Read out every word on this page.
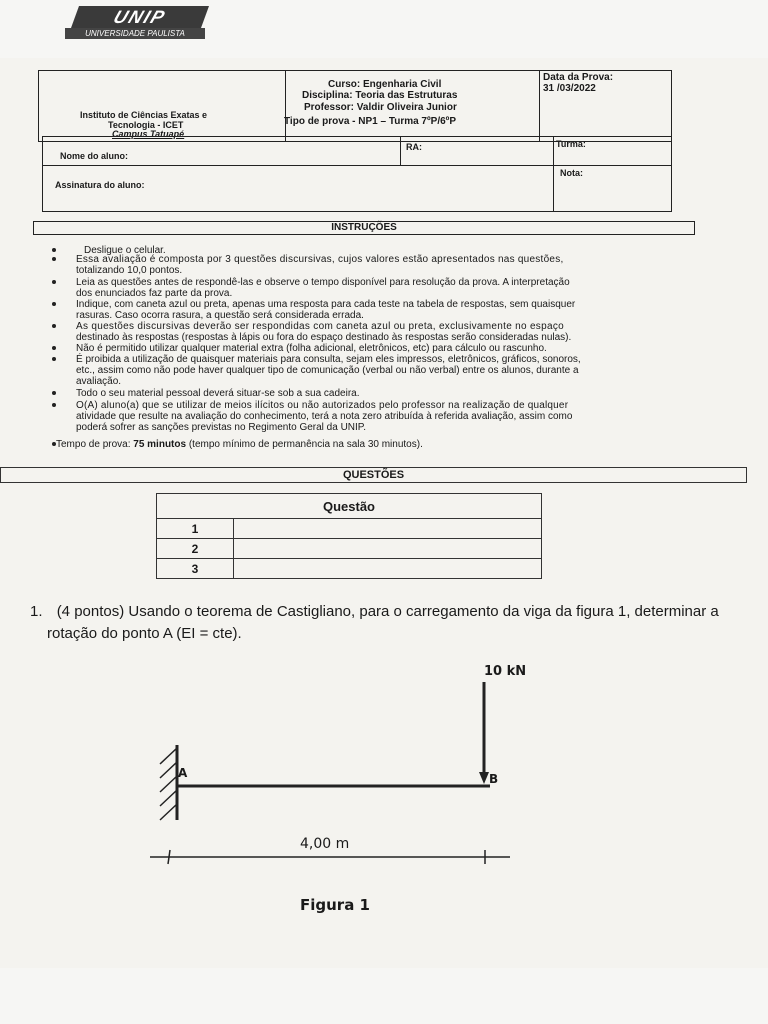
UNIP
UNIVERSIDADE PAULISTA
Instituto de Ciências Exatas e
Tecnologia - ICET
Campus Tatuapé
Curso: Engenharia Civil
Disciplina: Teoria das Estruturas
Professor: Valdir Oliveira Junior
Tipo de prova - NP1 – Turma 7ºP/6ºP
Data da Prova:
31 /03/2022
RA:	Turma:
Nome do aluno:
Nota:
Assinatura do aluno:
INSTRUÇÕES
Desligue o celular.
Essa avaliação é composta por 3 questões discursivas, cujos valores estão apresentados nas questões,
totalizando 10,0 pontos.
Leia as questões antes de respondê-las e observe o tempo disponível para resolução da prova. A interpretação
dos enunciados faz parte da prova.
Indique, com caneta azul ou preta, apenas uma resposta para cada teste na tabela de respostas, sem quaisquer
rasuras. Caso ocorra rasura, a questão será considerada errada.
As questões discursivas deverão ser respondidas com caneta azul ou preta, exclusivamente no espaço
destinado às respostas (respostas à lápis ou fora do espaço destinado às respostas serão consideradas nulas).
Não é permitido utilizar qualquer material extra (folha adicional, eletrônicos, etc) para cálculo ou rascunho.
É proibida a utilização de quaisquer materiais para consulta, sejam eles impressos, eletrônicos, gráficos, sonoros,
etc., assim como não pode haver qualquer tipo de comunicação (verbal ou não verbal) entre os alunos, durante a
avaliação.
Todo o seu material pessoal deverá situar-se sob a sua cadeira.
O(A) aluno(a) que se utilizar de meios ilícitos ou não autorizados pelo professor na realização de qualquer
atividade que resulte na avaliação do conhecimento, terá a nota zero atribuída à referida avaliação, assim como
poderá sofrer as sanções previstas no Regimento Geral da UNIP.
Tempo de prova: 75 minutos (tempo mínimo de permanência na sala 30 minutos).
QUESTÕES
Questão	
1	
2	
3	
1. (4 pontos) Usando o teorema de Castigliano, para o carregamento da viga da figura 1, determinar a
rotação do ponto A (EI = cte).
10 kN
A	B
4,00 m
Figura 1
